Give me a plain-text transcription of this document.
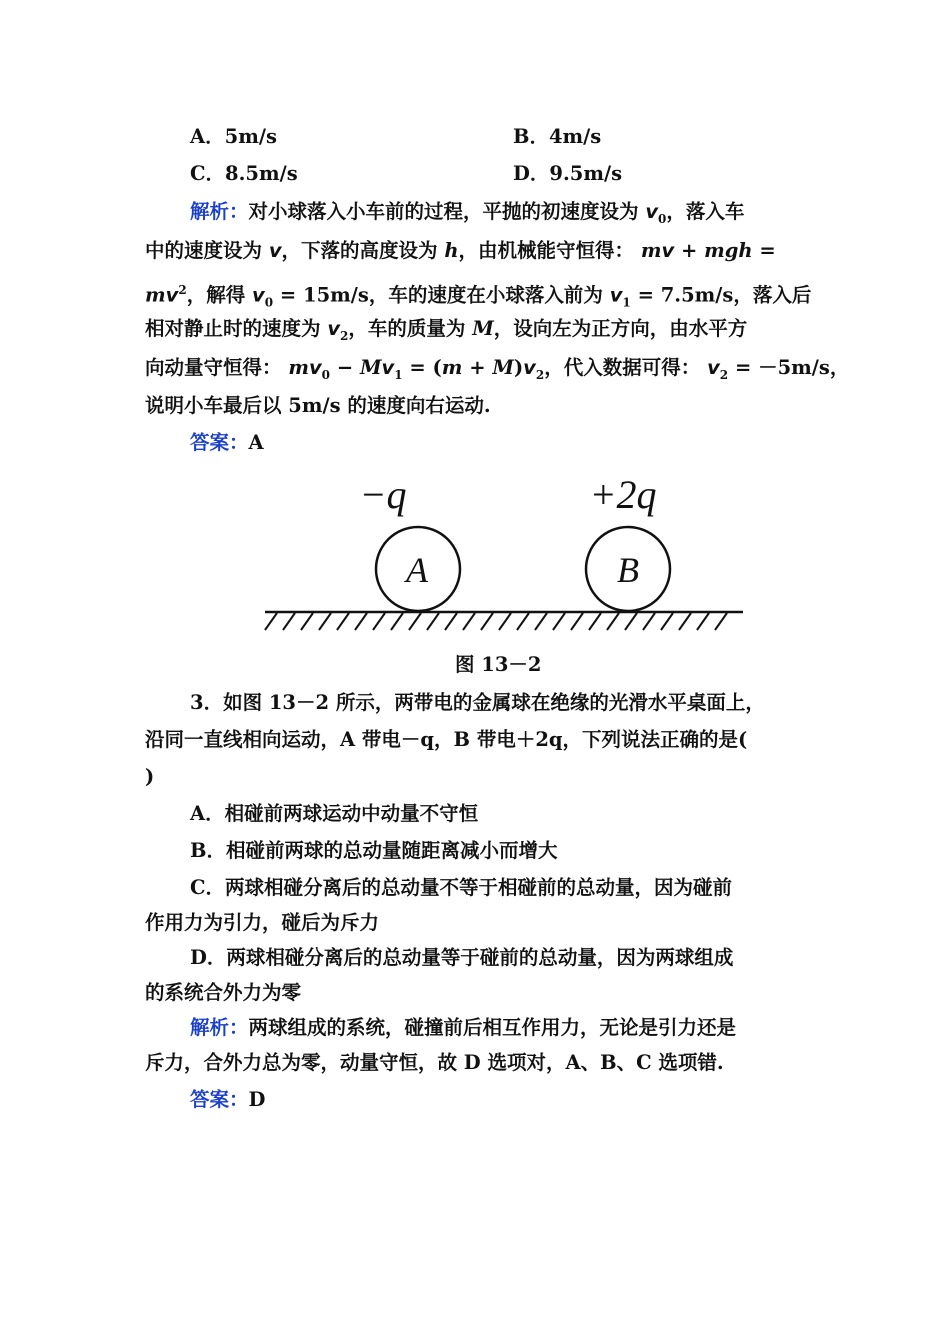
A．5m/s	B．4m/s
C．8.5m/s	D．9.5m/s
解析：对小球落入小车前的过程，平抛的初速度设为 $v_0$，落入车
中的速度设为 v，下落的高度设为 h，由机械能守恒得： mv + mgh =
$mv^2$，解得 $v_0 = 15m/s$，车的速度在小球落入前为 $v_1 = 7.5m/s$，落入后
相对静止时的速度为 $v_2$，车的质量为 M，设向左为正方向，由水平方
向动量守恒得： $mv_0 - Mv_1 = (m + M)v_2$，代入数据可得： $v_2 = -5m/s$，
说明小车最后以 5m/s 的速度向右运动.
答案：A
−q	+2q
A	B
图 13－2
3．如图 13－2 所示，两带电的金属球在绝缘的光滑水平桌面上，
沿同一直线相向运动，A 带电－q，B 带电＋2q，下列说法正确的是(
)
A．相碰前两球运动中动量不守恒
B．相碰前两球的总动量随距离减小而增大
C．两球相碰分离后的总动量不等于相碰前的总动量，因为碰前
作用力为引力，碰后为斥力
D．两球相碰分离后的总动量等于碰前的总动量，因为两球组成
的系统合外力为零
解析：两球组成的系统，碰撞前后相互作用力，无论是引力还是
斥力，合外力总为零，动量守恒，故 D 选项对，A、B、C 选项错.
答案：D
